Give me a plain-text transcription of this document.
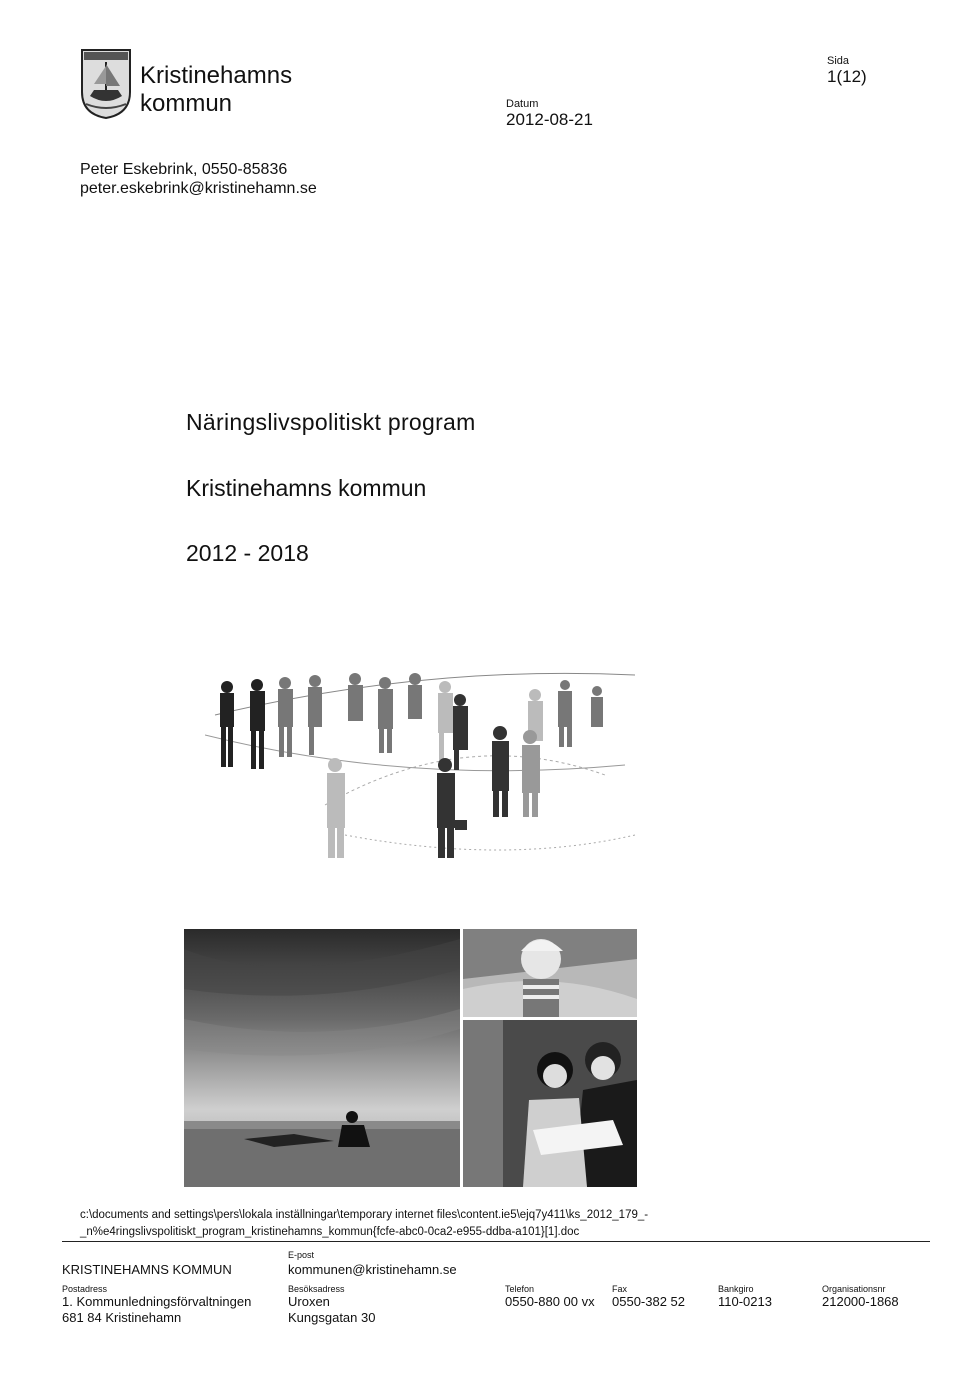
Kristinehamns
kommun	Datum
2012-08-21
Sida
1(12)
Peter Eskebrink, 0550-85836
peter.eskebrink@kristinehamn.se
Näringslivspolitiskt program
Kristinehamns kommun
2012 - 2018
c:\documents and settings\pers\lokala inställningar\temporary internet files\content.ie5\ejq7y411\ks_2012_179_-
_n%e4ringslivspolitiskt_program_kristinehamns_kommun{fcfe-abc0-0ca2-e955-ddba-a101}[1].doc
E-post
KRISTINEHAMNS KOMMUN	kommunen@kristinehamn.se
Postadress
1. Kommunledningsförvaltningen
681 84 Kristinehamn
Besöksadress
Uroxen
Kungsgatan 30
Telefon
0550-880 00 vx
Fax
0550-382 52
Bankgiro
110-0213
Organisationsnr
212000-1868
